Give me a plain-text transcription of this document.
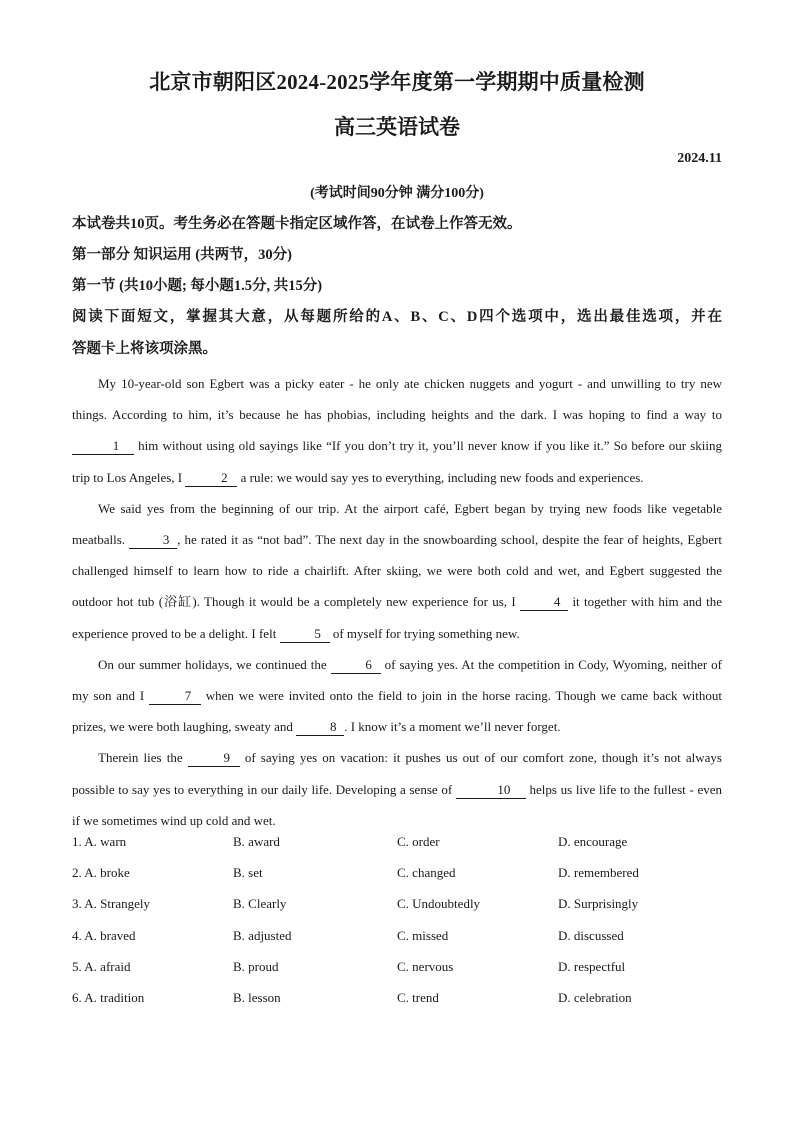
北京市朝阳区2024-2025学年度第一学期期中质量检测
高三英语试卷
2024.11
(考试时间90分钟 满分100分)
本试卷共10页。考生务必在答题卡指定区域作答，在试卷上作答无效。
第一部分 知识运用 (共两节，30分)
第一节 (共10小题; 每小题1.5分, 共15分)
阅读下面短文，掌握其大意，从每题所给的A、B、C、D四个选项中，选出最佳选项，并在
答题卡上将该项涂黑。

My 10-year-old son Egbert was a picky eater - he only ate chicken nuggets and yogurt - and unwilling to try new things. According to him, it’s because he has phobias, including heights and the dark. I was hoping to find a way to 1 him without using old sayings like “If you don’t try it, you’ll never know if you like it.” So before our skiing trip to Los Angeles, I	2 a rule: we would say yes to everything, including new foods and experiences.

We said yes from the beginning of our trip. At the airport café, Egbert began by trying new foods like vegetable meatballs.	3 , he rated it as “not bad”. The next day in the snowboarding school, despite the fear of heights, Egbert challenged himself to learn how to ride a chairlift. After skiing, we were both cold and wet, and Egbert suggested the outdoor hot tub (浴缸). Though it would be a completely new experience for us, I	4 it together with him and the experience proved to be a delight. I felt	5 of myself for trying something new.

On our summer holidays, we continued the	6 of saying yes. At the competition in Cody, Wyoming, neither of my son and I	7 when we were invited onto the field to join in the horse racing. Though we came back without prizes, we were both laughing, sweaty and	8 . I know it’s a moment we’ll never forget.

Therein lies the	9 of saying yes on vacation: it pushes us out of our comfort zone, though it’s not always possible to say yes to everything in our daily life. Developing a sense of	10 helps us live life to the fullest - even if we sometimes wind up cold and wet.

1. A. warn	B. award	C. order	D. encourage
2. A. broke	B. set	C. changed	D. remembered
3. A. Strangely	B. Clearly	C. Undoubtedly	D. Surprisingly
4. A. braved	B. adjusted	C. missed	D. discussed
5. A. afraid	B. proud	C. nervous	D. respectful
6. A. tradition	B. lesson	C. trend	D. celebration
